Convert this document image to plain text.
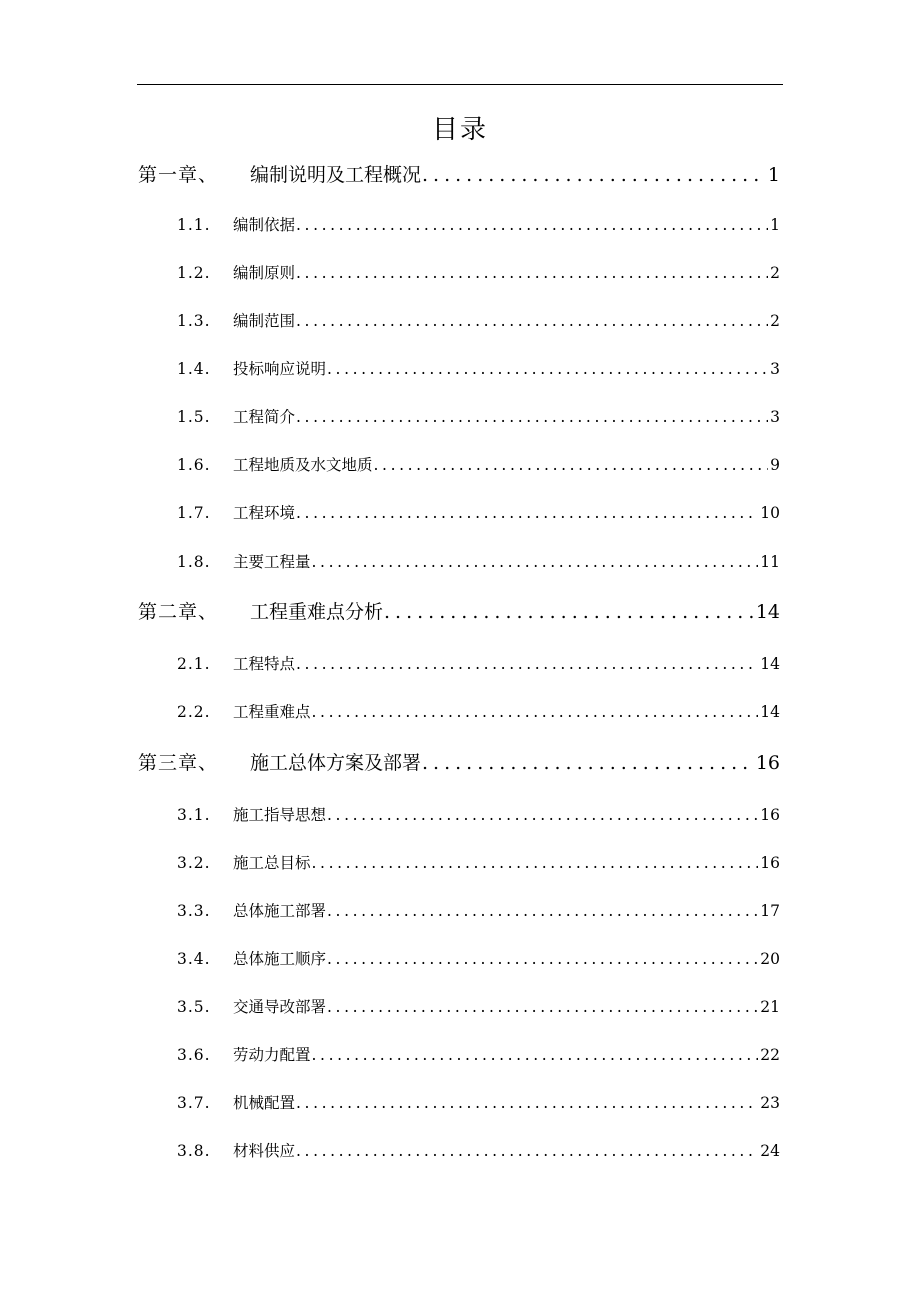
目录
第一章、	编制说明及工程概况 .....	1
1.1.	编制依据 .....	1
1.2.	编制原则 .....	2
1.3.	编制范围 .....	2
1.4.	投标响应说明 .....	3
1.5.	工程简介 .....	3
1.6.	工程地质及水文地质 .....	9
1.7.	工程环境 .....	10
1.8.	主要工程量 .....	11
第二章、	工程重难点分析 .....	14
2.1.	工程特点 .....	14
2.2.	工程重难点 .....	14
第三章、	施工总体方案及部署 .....	16
3.1.	施工指导思想 .....	16
3.2.	施工总目标 .....	16
3.3.	总体施工部署 .....	17
3.4.	总体施工顺序 .....	20
3.5.	交通导改部署 .....	21
3.6.	劳动力配置 .....	22
3.7.	机械配置 .....	23
3.8.	材料供应 .....	24
